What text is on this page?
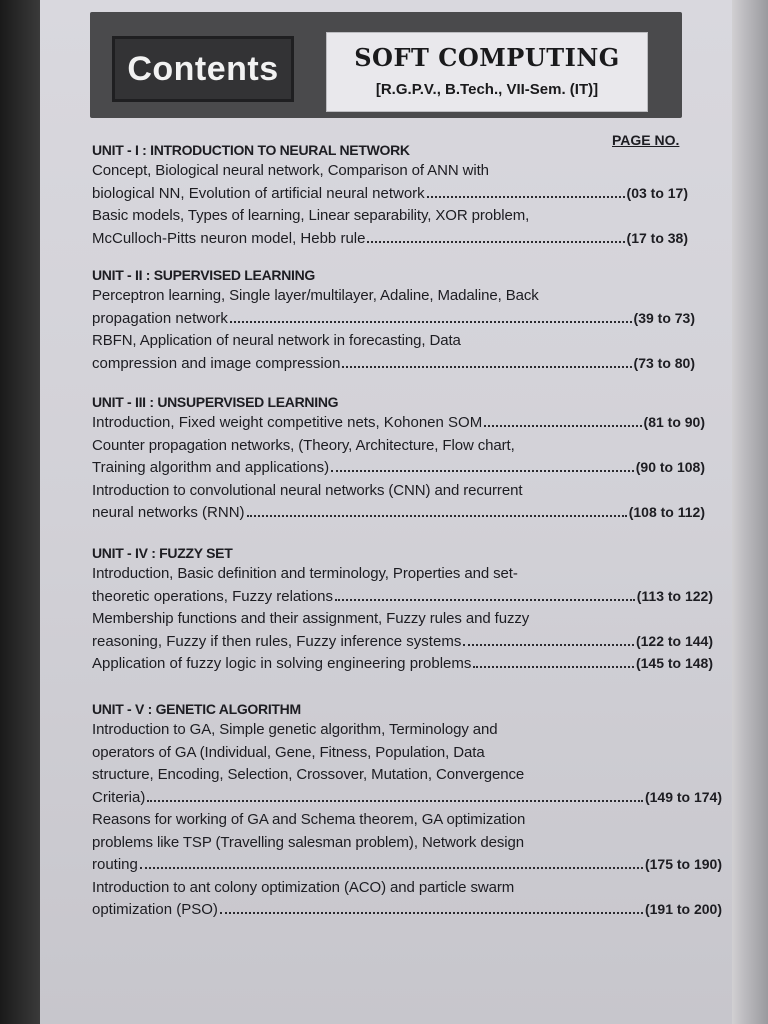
Contents	SOFT COMPUTING
[R.G.P.V., B.Tech., VII-Sem. (IT)]
PAGE NO.
UNIT - I : INTRODUCTION TO NEURAL NETWORK
Concept, Biological neural network, Comparison of ANN with
biological NN, Evolution of artificial neural network	(03 to 17)
Basic models, Types of learning, Linear separability, XOR problem,
McCulloch-Pitts neuron model, Hebb rule	(17 to 38)
UNIT - II : SUPERVISED LEARNING
Perceptron learning, Single layer/multilayer, Adaline, Madaline, Back
propagation network	(39 to 73)
RBFN, Application of neural network in forecasting, Data
compression and image compression	(73 to 80)
UNIT - III : UNSUPERVISED LEARNING
Introduction, Fixed weight competitive nets, Kohonen SOM	(81 to 90)
Counter propagation networks, (Theory, Architecture, Flow chart,
Training algorithm and applications)	(90 to 108)
Introduction to convolutional neural networks (CNN) and recurrent
neural networks (RNN)	(108 to 112)
UNIT - IV : FUZZY SET
Introduction, Basic definition and terminology, Properties and set-
theoretic operations, Fuzzy relations	(113 to 122)
Membership functions and their assignment, Fuzzy rules and fuzzy
reasoning, Fuzzy if then rules, Fuzzy inference systems	(122 to 144)
Application of fuzzy logic in solving engineering problems	(145 to 148)
UNIT - V : GENETIC ALGORITHM
Introduction to GA, Simple genetic algorithm, Terminology and
operators of GA (Individual, Gene, Fitness, Population, Data
structure, Encoding, Selection, Crossover, Mutation, Convergence
Criteria)	(149 to 174)
Reasons for working of GA and Schema theorem, GA optimization
problems like TSP (Travelling salesman problem), Network design
routing	(175 to 190)
Introduction to ant colony optimization (ACO) and particle swarm
optimization (PSO)	(191 to 200)
